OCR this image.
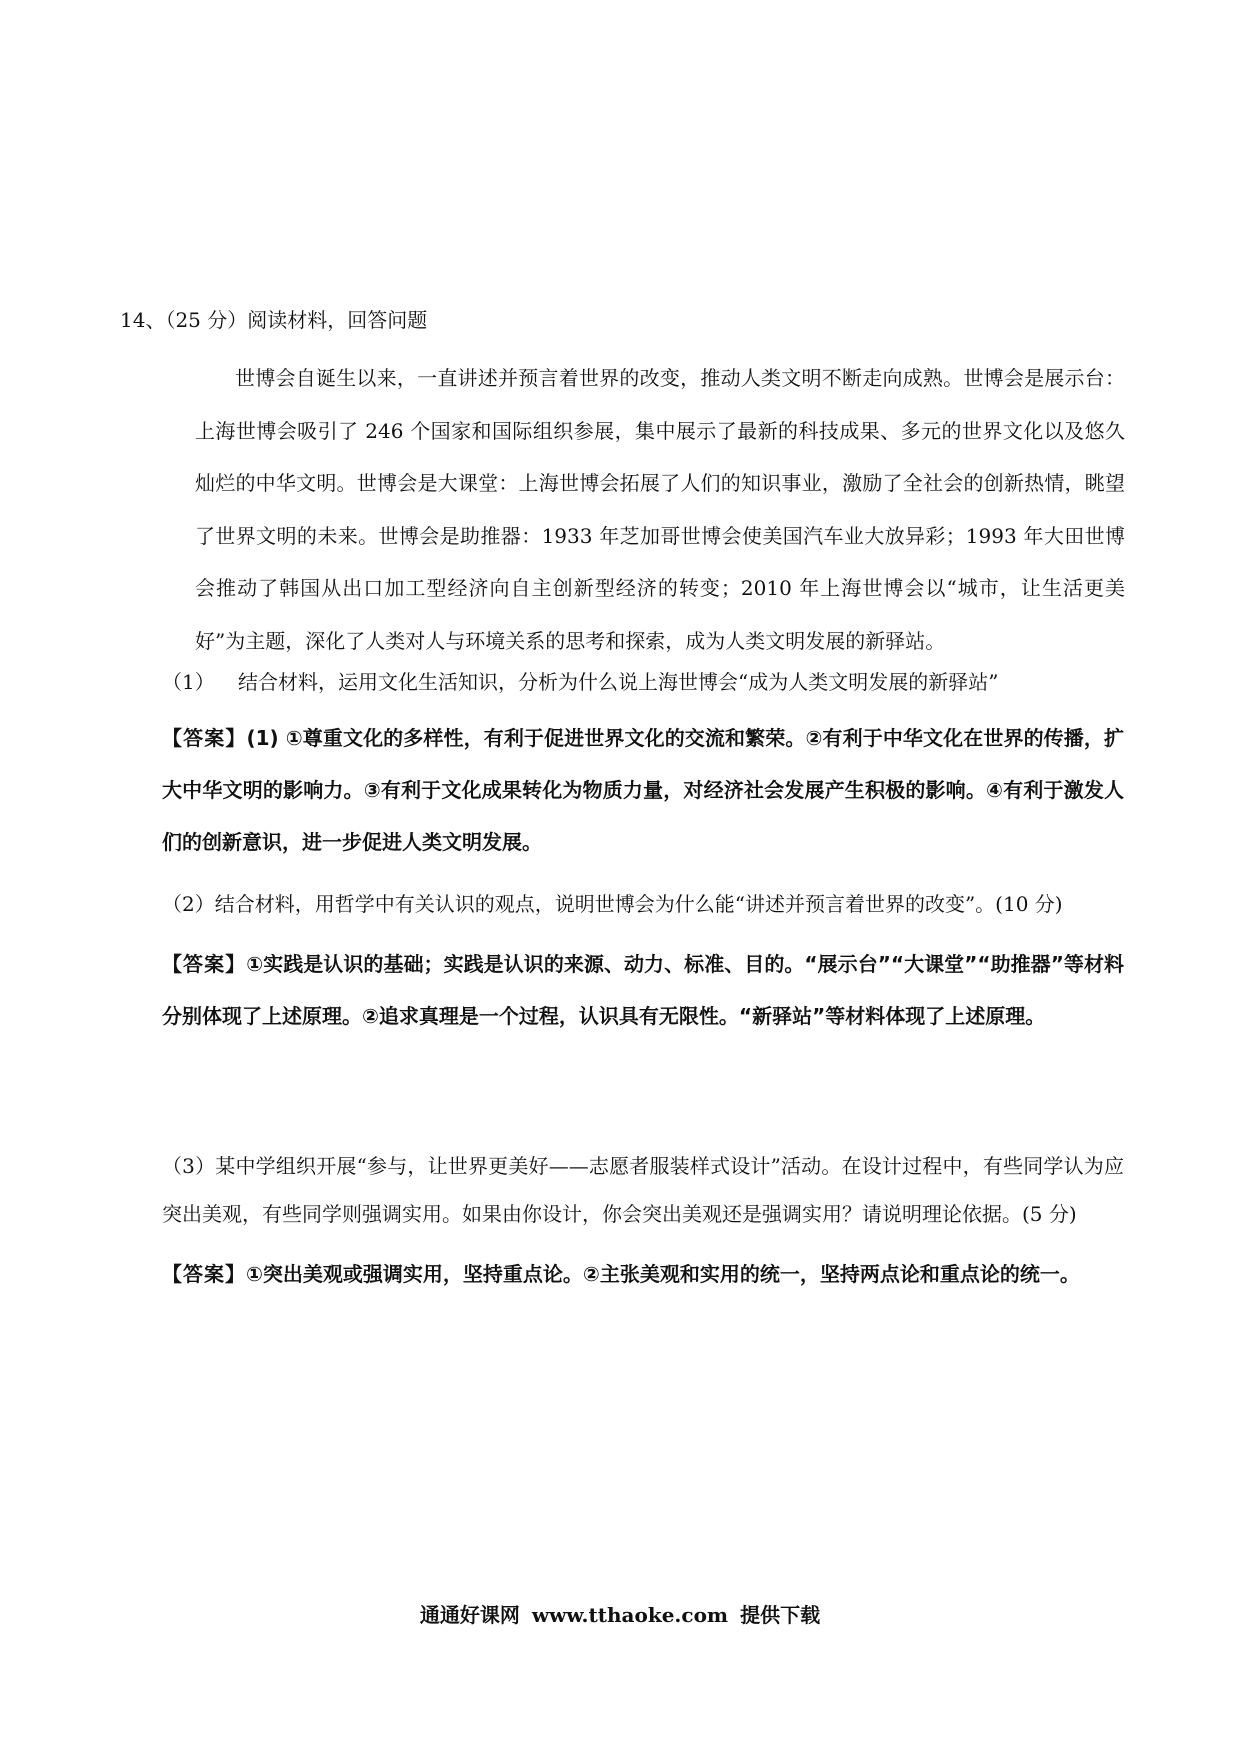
14、（25 分）阅读材料，回答问题
世博会自诞生以来，一直讲述并预言着世界的改变，推动人类文明不断走向成熟。世博会是展示台：上海世博会吸引了 246 个国家和国际组织参展，集中展示了最新的科技成果、多元的世界文化以及悠久灿烂的中华文明。世博会是大课堂：上海世博会拓展了人们的知识事业，激励了全社会的创新热情，眺望了世界文明的未来。世博会是助推器：1933 年芝加哥世博会使美国汽车业大放异彩；1993 年大田世博会推动了韩国从出口加工型经济向自主创新型经济的转变；2010 年上海世博会以“城市，让生活更美好”为主题，深化了人类对人与环境关系的思考和探索，成为人类文明发展的新驿站。
（1） 结合材料，运用文化生活知识，分析为什么说上海世博会“成为人类文明发展的新驿站”
【答案】(1) ①尊重文化的多样性，有利于促进世界文化的交流和繁荣。②有利于中华文化在世界的传播，扩大中华文明的影响力。③有利于文化成果转化为物质力量，对经济社会发展产生积极的影响。④有利于激发人们的创新意识，进一步促进人类文明发展。
（2）结合材料，用哲学中有关认识的观点，说明世博会为什么能“讲述并预言着世界的改变”。(10 分)
【答案】①实践是认识的基础；实践是认识的来源、动力、标准、目的。“展示台”“大课堂”“助推器”等材料分别体现了上述原理。②追求真理是一个过程，认识具有无限性。“新驿站”等材料体现了上述原理。
（3）某中学组织开展“参与，让世界更美好——志愿者服装样式设计”活动。在设计过程中，有些同学认为应突出美观，有些同学则强调实用。如果由你设计，你会突出美观还是强调实用？请说明理论依据。(5 分)
【答案】①突出美观或强调实用，坚持重点论。②主张美观和实用的统一，坚持两点论和重点论的统一。
通通好课网 www.tthaoke.com 提供下载
